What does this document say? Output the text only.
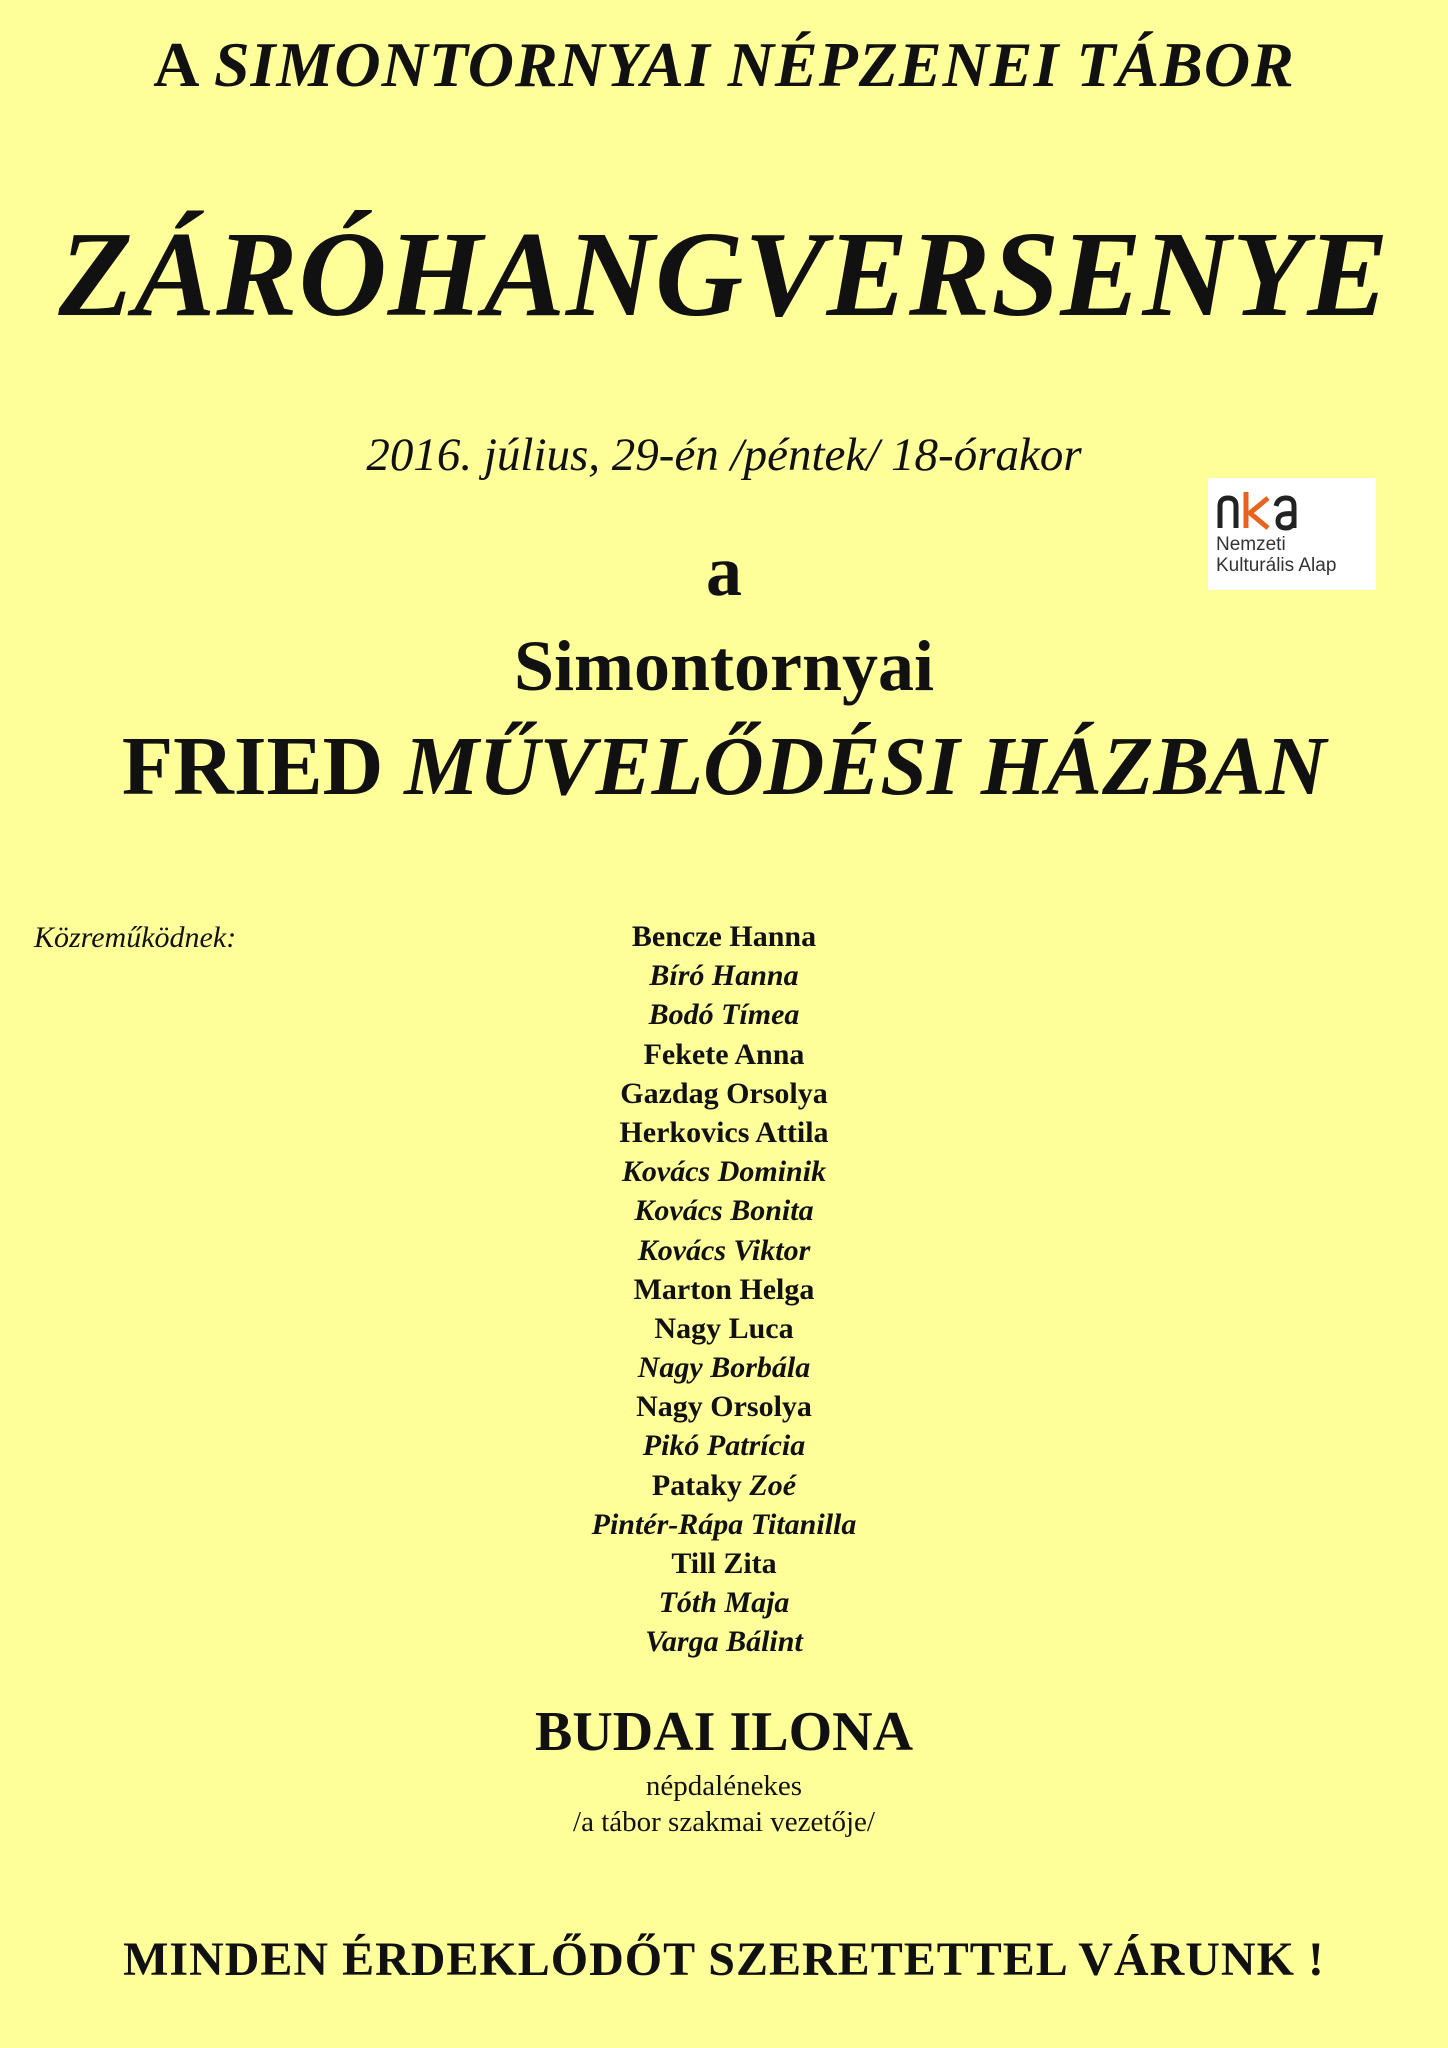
A SIMONTORNYAI NÉPZENEI TÁBOR
ZÁRÓHANGVERSENYE

2016. július, 29-én /péntek/ 18-órakor

Nemzeti
Kulturális Alap

a

Simontornyai

FRIED MŰVELŐDÉSI HÁZBAN

Közreműködnek:	Bencze Hanna
Bíró Hanna
Bodó Tímea
Fekete Anna
Gazdag Orsolya
Herkovics Attila
Kovács Dominik
Kovács Bonita
Kovács Viktor
Marton Helga
Nagy Luca
Nagy Borbála
Nagy Orsolya
Pikó Patrícia
Pataky Zoé
Pintér-Rápa Titanilla
Till Zita
Tóth Maja
Varga Bálint

BUDAI ILONA

népdalénekes

/a tábor szakmai vezetője/

MINDEN ÉRDEKLŐDŐT SZERETETTEL VÁRUNK !
